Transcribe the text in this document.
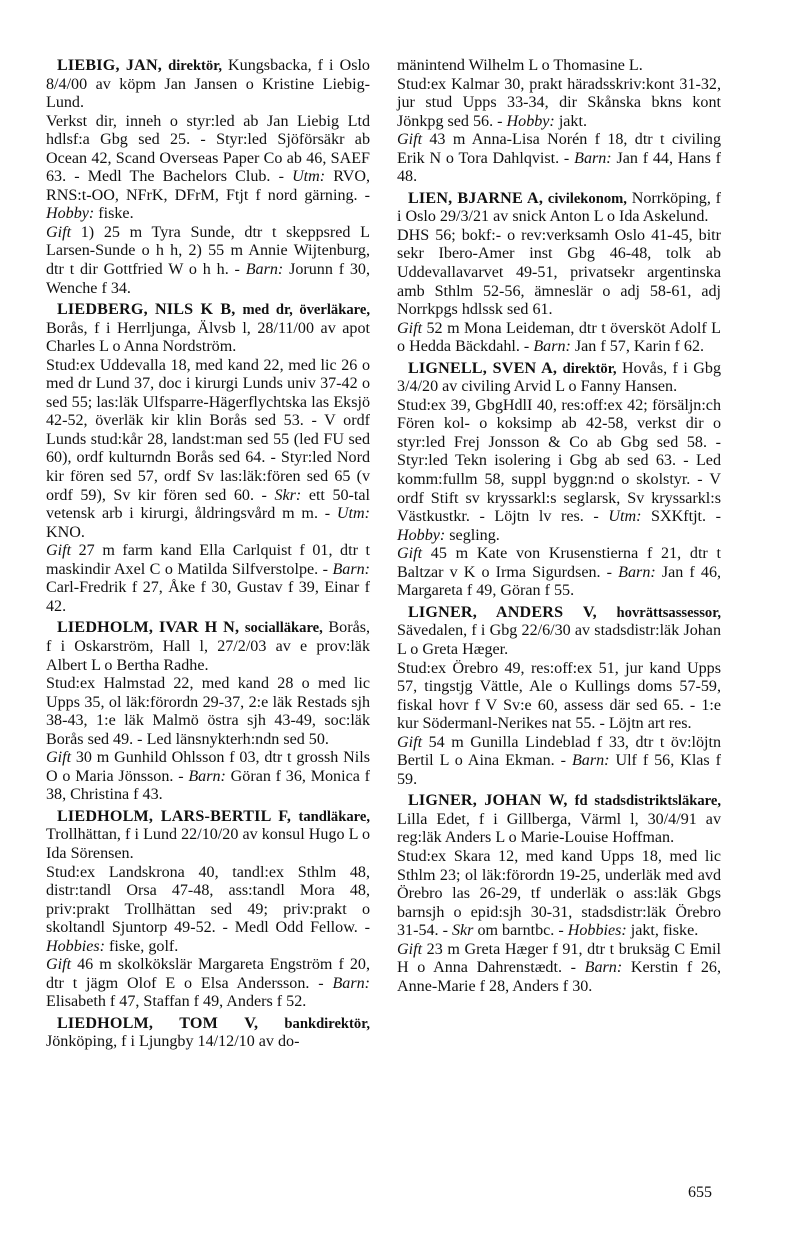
LIEBIG, JAN, direktör, Kungsbacka, f i Oslo 8/4/00 av köpm Jan Jansen o Kristine Liebig-Lund.

Verkst dir, inneh o styr:led ab Jan Liebig Ltd hdlsf:a Gbg sed 25. - Styr:led Sjöförsäkr ab Ocean 42, Scand Overseas Paper Co ab 46, SAEF 63. - Medl The Bachelors Club. - Utm: RVO, RNS:t-OO, NFrK, DFrM, Ftjt f nord gärning. - Hobby: fiske.

Gift 1) 25 m Tyra Sunde, dtr t skeppsred L Larsen-Sunde o h h, 2) 55 m Annie Wijtenburg, dtr t dir Gottfried W o h h. - Barn: Jorunn f 30, Wenche f 34.

LIEDBERG, NILS K B, med dr, överläkare, Borås, f i Herrljunga, Älvsb l, 28/11/00 av apot Charles L o Anna Nordström.

Stud:ex Uddevalla 18, med kand 22, med lic 26 o med dr Lund 37, doc i kirurgi Lunds univ 37-42 o sed 55; las:läk Ulfsparre-Hägerflychtska las Eksjö 42-52, överläk kir klin Borås sed 53. - V ordf Lunds stud:kår 28, landst:man sed 55 (led FU sed 60), ordf kulturndn Borås sed 64. - Styr:led Nord kir fören sed 57, ordf Sv las:läk:fören sed 65 (v ordf 59), Sv kir fören sed 60. - Skr: ett 50-tal vetensk arb i kirurgi, åldringsvård m m. - Utm: KNO.

Gift 27 m farm kand Ella Carlquist f 01, dtr t maskindir Axel C o Matilda Silfverstolpe. - Barn: Carl-Fredrik f 27, Åke f 30, Gustav f 39, Einar f 42.

LIEDHOLM, IVAR H N, socialläkare, Borås, f i Oskarström, Hall l, 27/2/03 av e prov:läk Albert L o Bertha Radhe.

Stud:ex Halmstad 22, med kand 28 o med lic Upps 35, ol läk:förordn 29-37, 2:e läk Restads sjh 38-43, 1:e läk Malmö östra sjh 43-49, soc:läk Borås sed 49. - Led länsnykterh:ndn sed 50.

Gift 30 m Gunhild Ohlsson f 03, dtr t grossh Nils O o Maria Jönsson. - Barn: Göran f 36, Monica f 38, Christina f 43.

LIEDHOLM, LARS-BERTIL F, tandläkare, Trollhättan, f i Lund 22/10/20 av konsul Hugo L o Ida Sörensen.

Stud:ex Landskrona 40, tandl:ex Sthlm 48, distr:tandl Orsa 47-48, ass:tandl Mora 48, priv:prakt Trollhättan sed 49; priv:prakt o skoltandl Sjuntorp 49-52. - Medl Odd Fellow. - Hobbies: fiske, golf.

Gift 46 m skolkökslär Margareta Engström f 20, dtr t jägm Olof E o Elsa Andersson. - Barn: Elisabeth f 47, Staffan f 49, Anders f 52.

LIEDHOLM, TOM V, bankdirektör, Jönköping, f i Ljungby 14/12/10 av do-

mänintend Wilhelm L o Thomasine L.

Stud:ex Kalmar 30, prakt häradsskriv:kont 31-32, jur stud Upps 33-34, dir Skånska bkns kont Jönkpg sed 56. - Hobby: jakt.

Gift 43 m Anna-Lisa Norén f 18, dtr t civiling Erik N o Tora Dahlqvist. - Barn: Jan f 44, Hans f 48.

LIEN, BJARNE A, civilekonom, Norrköping, f i Oslo 29/3/21 av snick Anton L o Ida Askelund.

DHS 56; bokf:- o rev:verksamh Oslo 41-45, bitr sekr Ibero-Amer inst Gbg 46-48, tolk ab Uddevallavarvet 49-51, privatsekr argentinska amb Sthlm 52-56, ämneslär o adj 58-61, adj Norrkpgs hdlssk sed 61.

Gift 52 m Mona Leideman, dtr t översköt Adolf L o Hedda Bäckdahl. - Barn: Jan f 57, Karin f 62.

LIGNELL, SVEN A, direktör, Hovås, f i Gbg 3/4/20 av civiling Arvid L o Fanny Hansen.

Stud:ex 39, GbgHdlI 40, res:off:ex 42; försäljn:ch Fören kol- o koksimp ab 42-58, verkst dir o styr:led Frej Jonsson & Co ab Gbg sed 58. - Styr:led Tekn isolering i Gbg ab sed 63. - Led komm:fullm 58, suppl byggn:nd o skolstyr. - V ordf Stift sv kryssarkl:s seglarsk, Sv kryssarkl:s Västkustkr. - Löjtn lv res. - Utm: SXKftjt. - Hobby: segling.

Gift 45 m Kate von Krusenstierna f 21, dtr t Baltzar v K o Irma Sigurdsen. - Barn: Jan f 46, Margareta f 49, Göran f 55.

LIGNER, ANDERS V, hovrättsassessor, Sävedalen, f i Gbg 22/6/30 av stadsdistr:läk Johan L o Greta Hæger.

Stud:ex Örebro 49, res:off:ex 51, jur kand Upps 57, tingstjg Vättle, Ale o Kullings doms 57-59, fiskal hovr f V Sv:e 60, assess där sed 65. - 1:e kur Södermanl-Nerikes nat 55. - Löjtn art res.

Gift 54 m Gunilla Lindeblad f 33, dtr t öv:löjtn Bertil L o Aina Ekman. - Barn: Ulf f 56, Klas f 59.

LIGNER, JOHAN W, fd stadsdistriktsläkare, Lilla Edet, f i Gillberga, Värml l, 30/4/91 av reg:läk Anders L o Marie-Louise Hoffman.

Stud:ex Skara 12, med kand Upps 18, med lic Sthlm 23; ol läk:förordn 19-25, underläk med avd Örebro las 26-29, tf underläk o ass:läk Gbgs barnsjh o epid:sjh 30-31, stadsdistr:läk Örebro 31-54. - Skr om barntbc. - Hobbies: jakt, fiske.

Gift 23 m Greta Hæger f 91, dtr t bruksäg C Emil H o Anna Dahrenstædt. - Barn: Kerstin f 26, Anne-Marie f 28, Anders f 30.

655
